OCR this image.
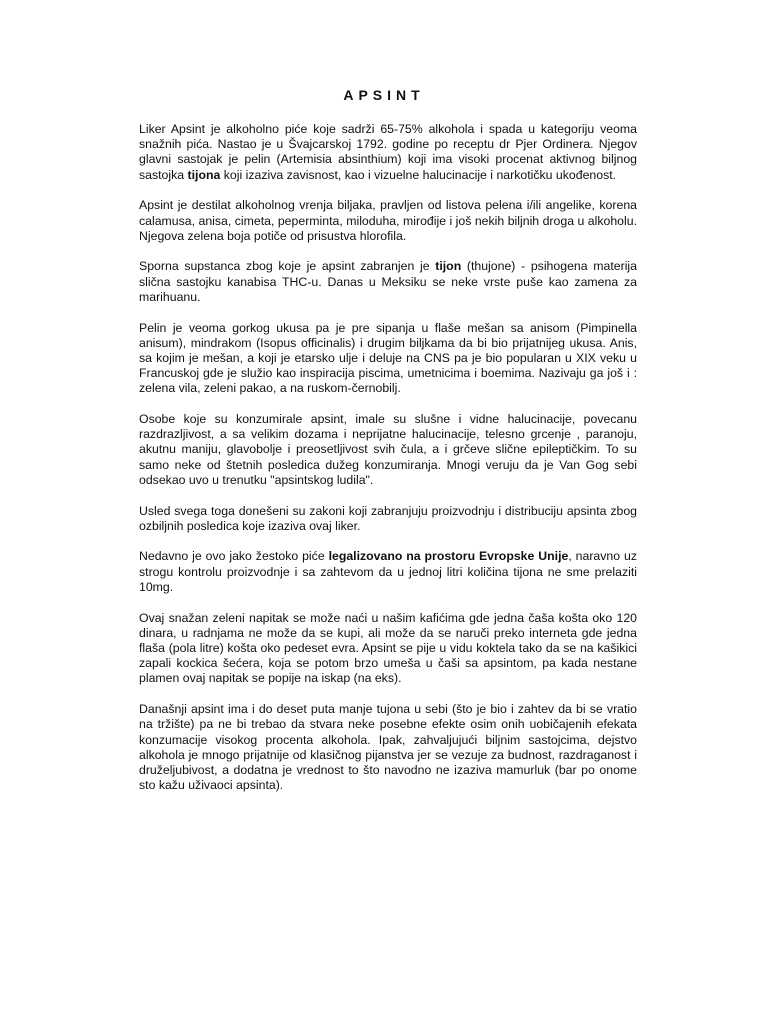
APSINT

Liker Apsint je alkoholno piće koje sadrži 65-75% alkohola i spada u kategoriju veoma snažnih pića. Nastao je u Švajcarskoj 1792. godine po receptu dr Pjer Ordinera. Njegov glavni sastojak je pelin (Artemisia absinthium) koji ima visoki procenat aktivnog biljnog sastojka tijona koji izaziva zavisnost, kao i vizuelne halucinacije i narkotičku ukođenost.

Apsint je destilat alkoholnog vrenja biljaka, pravljen od listova pelena i/ili angelike, korena calamusa, anisa, cimeta, peperminta, miloduha, mirođije i još nekih biljnih droga u alkoholu. Njegova zelena boja potiče od prisustva hlorofila.

Sporna supstanca zbog koje je apsint zabranjen je tijon (thujone) - psihogena materija slična sastojku kanabisa THC-u. Danas u Meksiku se neke vrste puše kao zamena za marihuanu.

Pelin je veoma gorkog ukusa pa je pre sipanja u flaše mešan sa anisom (Pimpinella anisum), mindrakom (Isopus officinalis) i drugim biljkama da bi bio prijatnijeg ukusa. Anis, sa kojim je mešan, a koji je etarsko ulje i deluje na CNS pa je bio popularan u XIX veku u Francuskoj gde je služio kao inspiracija piscima, umetnicima i boemima. Nazivaju ga još i : zelena vila, zeleni pakao, a na ruskom-černobilj.

Osobe koje su konzumirale apsint, imale su slušne i vidne halucinacije, povecanu razdrazljivost, a sa velikim dozama i neprijatne halucinacije, telesno grcenje , paranoju, akutnu maniju, glavobolje i preosetljivost svih čula, a i grčeve slične epileptičkim. To su samo neke od štetnih posledica dužeg konzumiranja. Mnogi veruju da je Van Gog sebi odsekao uvo u trenutku "apsintskog ludila".

Usled svega toga donešeni su zakoni koji zabranjuju proizvodnju i distribuciju apsinta zbog ozbiljnih posledica koje izaziva ovaj liker.

Nedavno je ovo jako žestoko piće legalizovano na prostoru Evropske Unije, naravno uz strogu kontrolu proizvodnje i sa zahtevom da u jednoj litri količina tijona ne sme prelaziti 10mg.

Ovaj snažan zeleni napitak se može naći u našim kafićima gde jedna čaša košta oko 120 dinara, u radnjama ne može da se kupi, ali može da se naruči preko interneta gde jedna flaša (pola litre) košta oko pedeset evra. Apsint se pije u vidu koktela tako da se na kašikici zapali kockica šećera, koja se potom brzo umeša u čaši sa apsintom, pa kada nestane plamen ovaj napitak se popije na iskap (na eks).

Današnji apsint ima i do deset puta manje tujona u sebi (što je bio i zahtev da bi se vratio na tržište) pa ne bi trebao da stvara neke posebne efekte osim onih uobičajenih efekata konzumacije visokog procenta alkohola. Ipak, zahvaljujući biljnim sastojcima, dejstvo alkohola je mnogo prijatnije od klasičnog pijanstva jer se vezuje za budnost, razdraganost i druželjubivost, a dodatna je vrednost to što navodno ne izaziva mamurluk (bar po onome sto kažu uživaoci apsinta).
